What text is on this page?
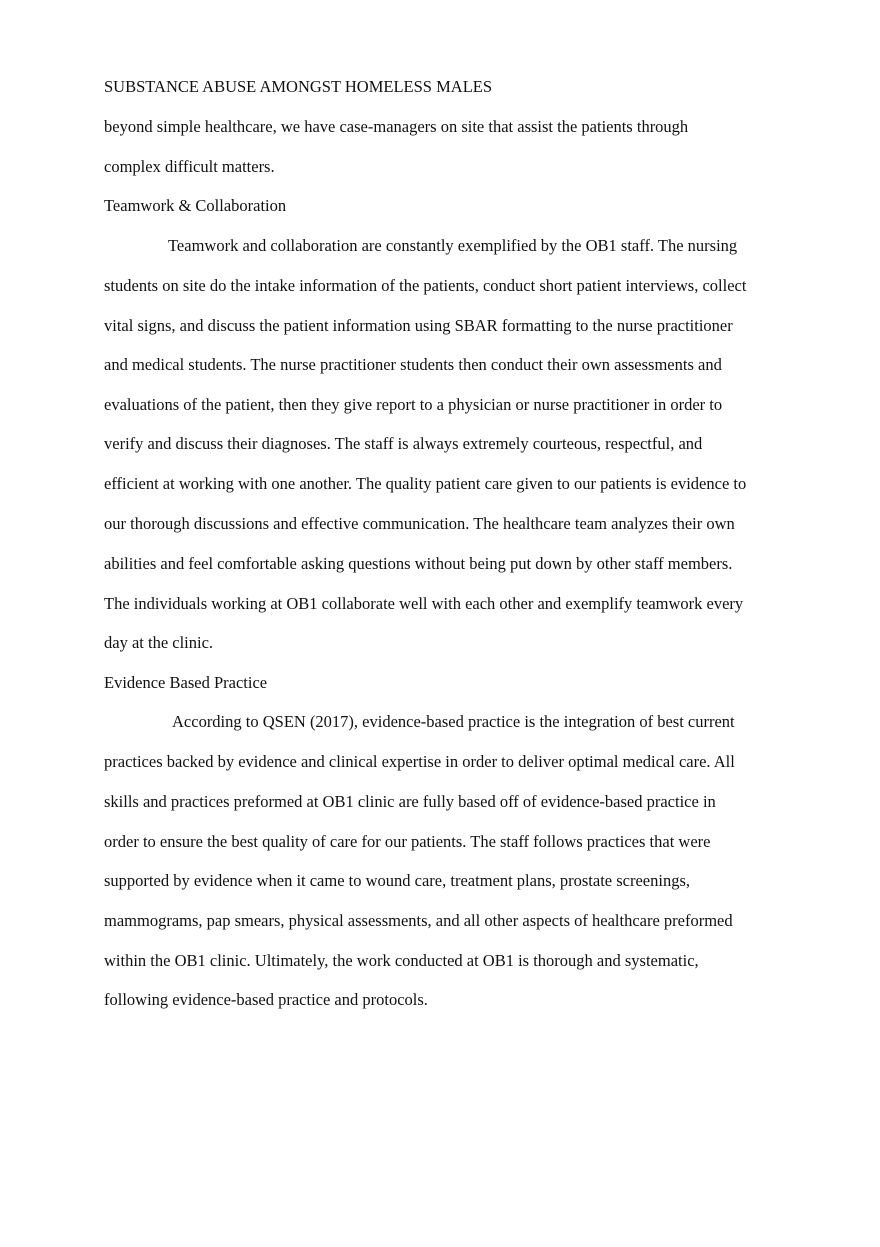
SUBSTANCE ABUSE AMONGST HOMELESS MALES

beyond simple healthcare, we have case-managers on site that assist the patients through

complex difficult matters.

Teamwork & Collaboration

Teamwork and collaboration are constantly exemplified by the OB1 staff. The nursing

students on site do the intake information of the patients, conduct short patient interviews, collect

vital signs, and discuss the patient information using SBAR formatting to the nurse practitioner

and medical students. The nurse practitioner students then conduct their own assessments and

evaluations of the patient, then they give report to a physician or nurse practitioner in order to

verify and discuss their diagnoses. The staff is always extremely courteous, respectful, and

efficient at working with one another. The quality patient care given to our patients is evidence to

our thorough discussions and effective communication. The healthcare team analyzes their own

abilities and feel comfortable asking questions without being put down by other staff members.

The individuals working at OB1 collaborate well with each other and exemplify teamwork every

day at the clinic.

Evidence Based Practice

According to QSEN (2017), evidence-based practice is the integration of best current

practices backed by evidence and clinical expertise in order to deliver optimal medical care. All

skills and practices preformed at OB1 clinic are fully based off of evidence-based practice in

order to ensure the best quality of care for our patients. The staff follows practices that were

supported by evidence when it came to wound care, treatment plans, prostate screenings,

mammograms, pap smears, physical assessments, and all other aspects of healthcare preformed

within the OB1 clinic. Ultimately, the work conducted at OB1 is thorough and systematic,

following evidence-based practice and protocols.
